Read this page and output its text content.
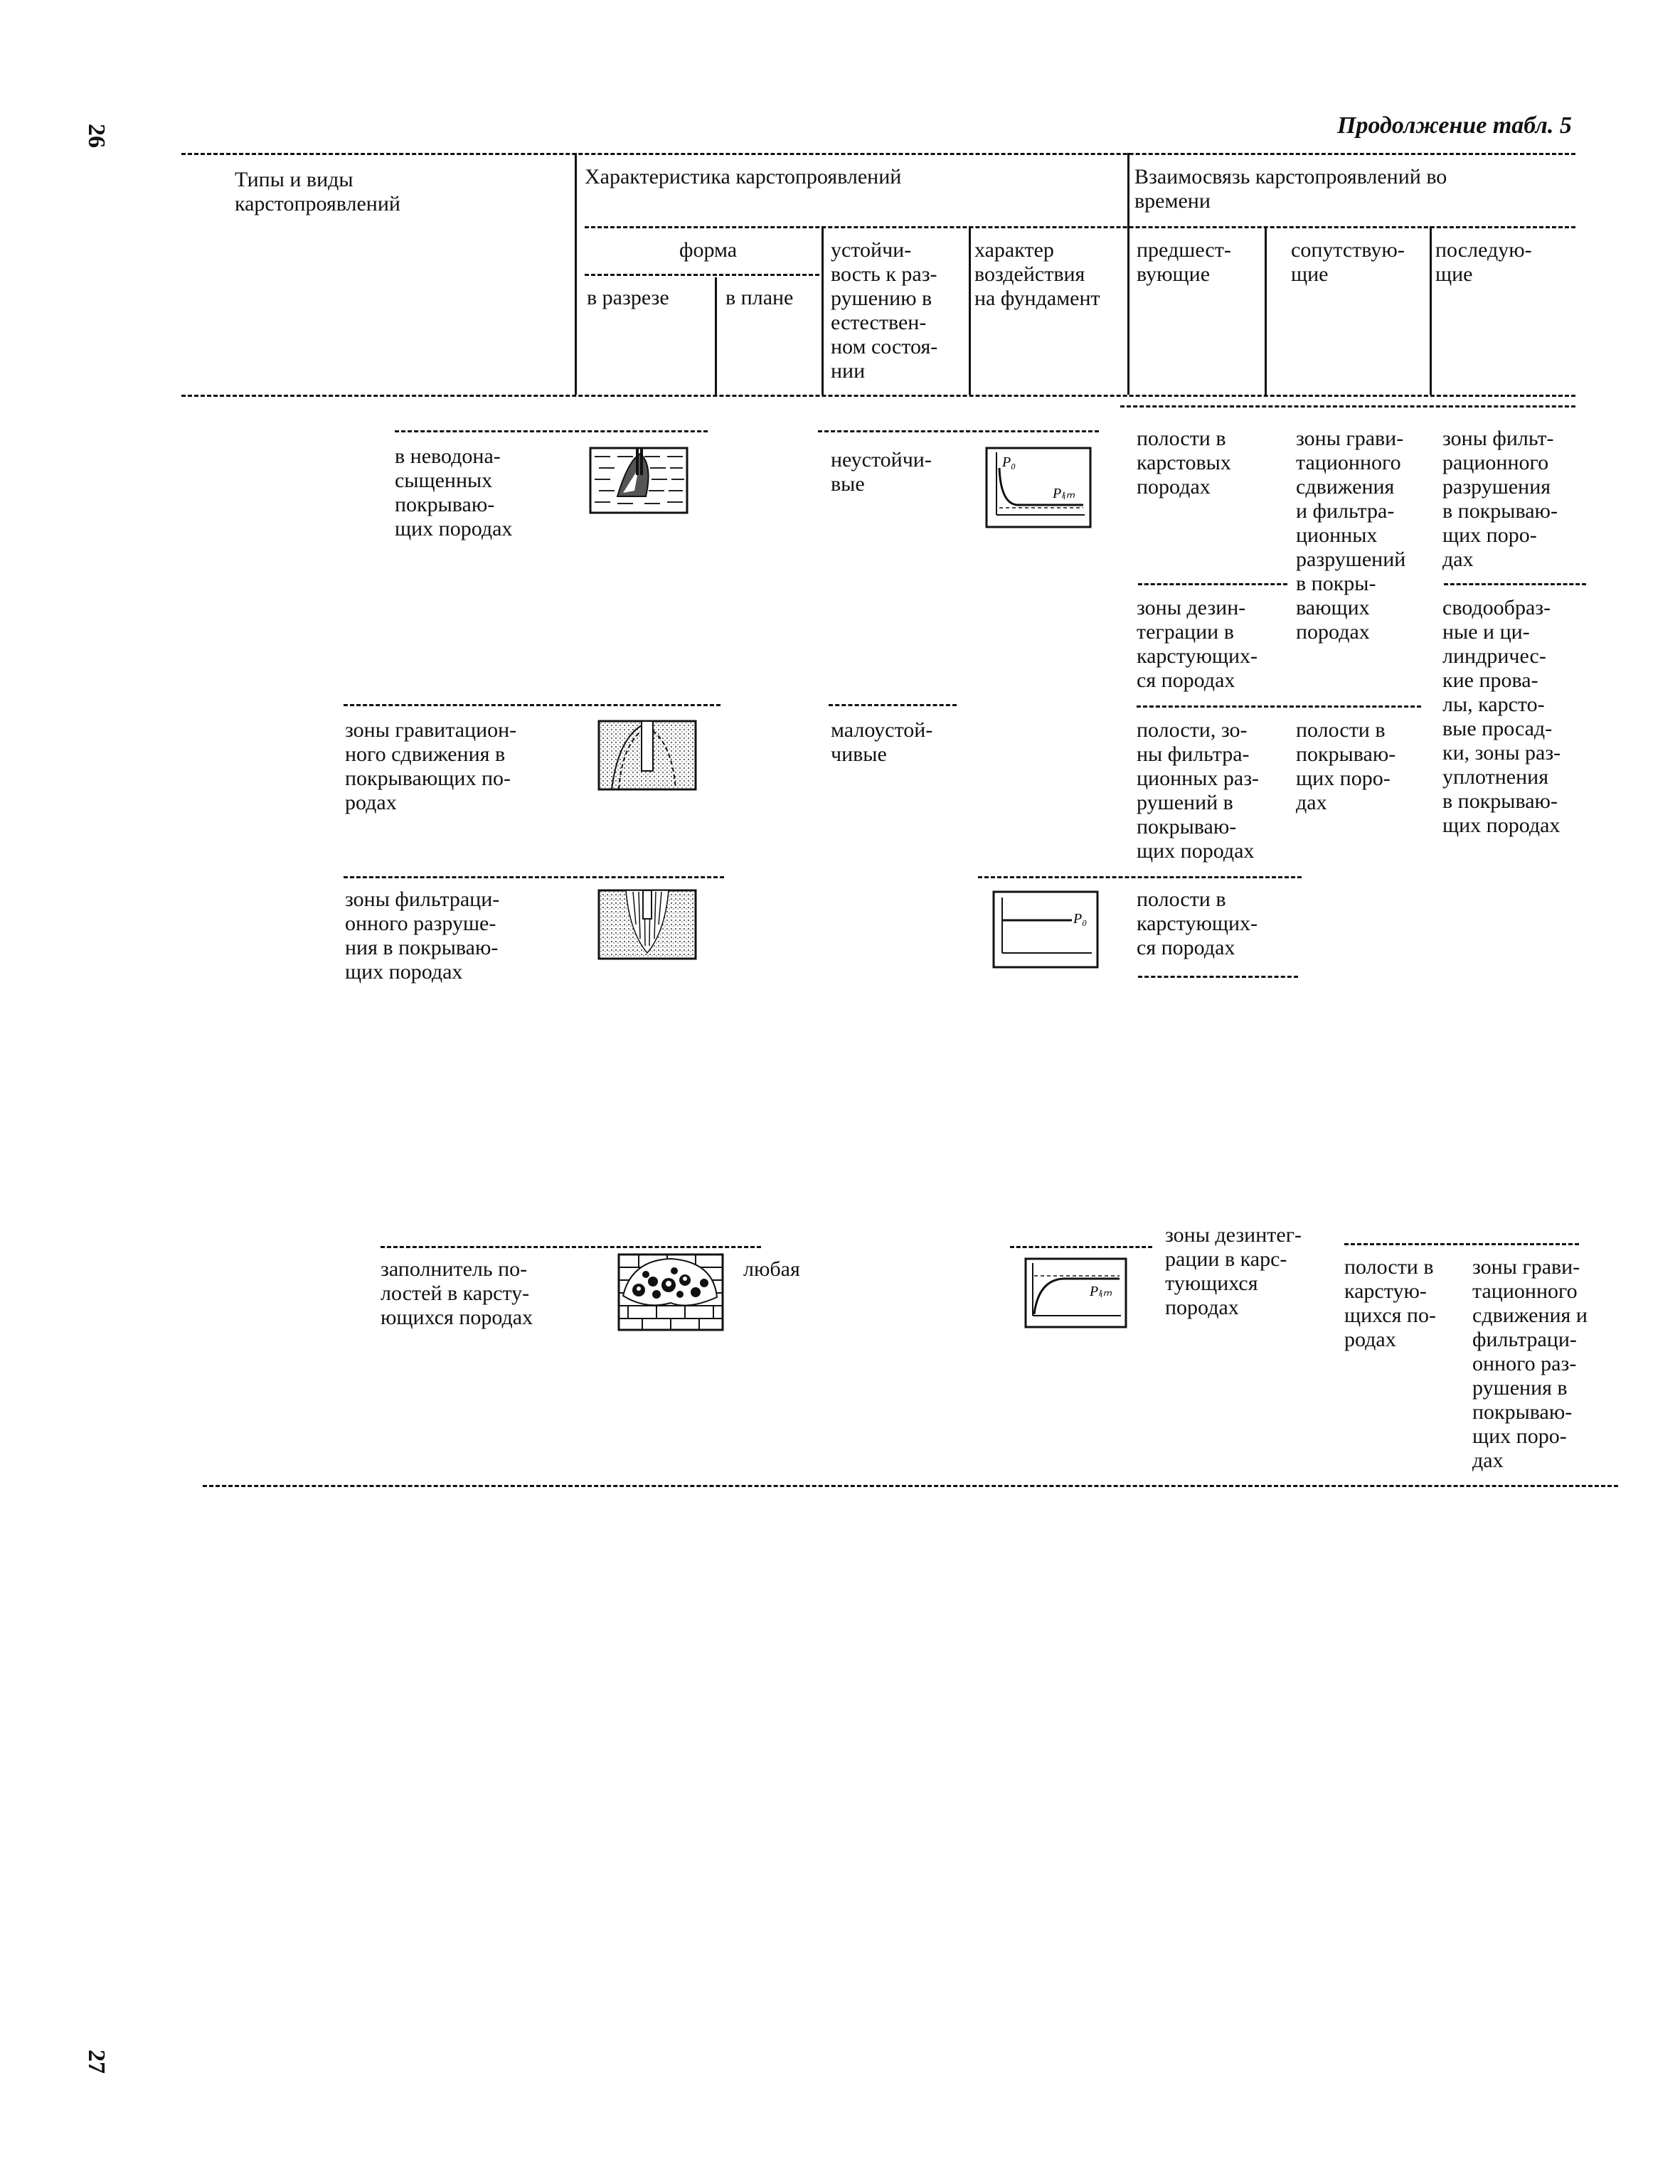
26
27
Продолжение табл. 5
Типы и виды
карстопроявлений
Характеристика карстопроявлений	Взаимосвязь карстопроявлений во
времени
форма
в разрезе	в плане
устойчи-
вость к раз-
рушению в
естествен-
ном состоя-
нии
характер
воздействия
на фундамент
предшест-
вующие
сопутствую-
щие
последую-
щие
в неводона-
сыщенных
покрываю-
щих породах
неустойчи-
вые
P₀
Pₗᵢₘ
полости в
карстовых
породах
зоны дезин-
теграции в
карстующих-
ся породах
зоны грави-
тационного
сдвижения
и фильтра-
ционных
разрушений
в покры-
вающих
породах
зоны фильт-
рационного
разрушения
в покрываю-
щих поро-
дах
сводообраз-
ные и ци-
линдричес-
кие прова-
лы, карсто-
вые просад-
ки, зоны раз-
уплотнения
в покрываю-
щих породах
зоны гравитацион-
ного сдвижения в
покрывающих по-
родах
малоустой-
чивые
полости, зо-
ны фильтра-
ционных раз-
рушений в
покрываю-
щих породах
полости в
покрываю-
щих поро-
дах
зоны фильтраци-
онного разруше-
ния в покрываю-
щих породах
P₀
полости в
карстующих-
ся породах
заполнитель по-
лостей в карсту-
ющихся породах
любая
Pₗᵢₘ
зоны дезинтег-
рации в карс-
тующихся
породах
полости в
карстую-
щихся по-
родах
зоны грави-
тационного
сдвижения и
фильтраци-
онного раз-
рушения в
покрываю-
щих поро-
дах
